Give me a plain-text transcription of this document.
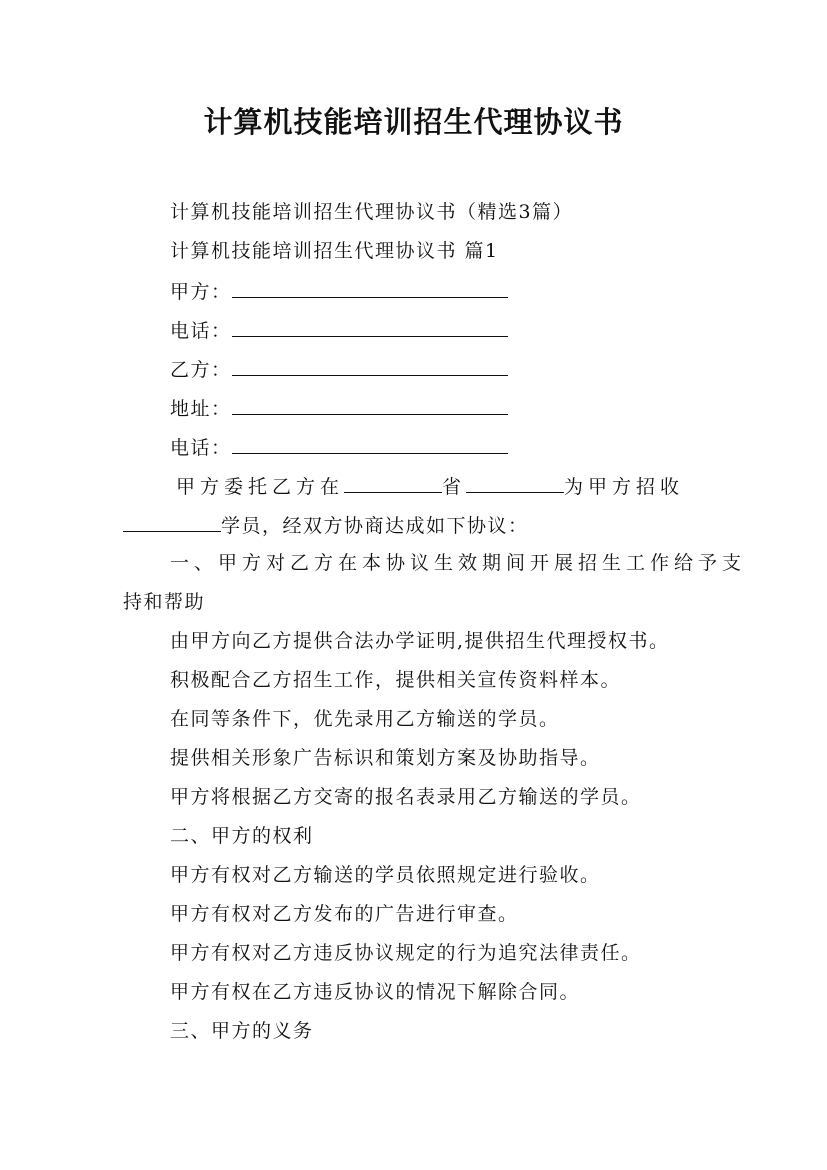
计算机技能培训招生代理协议书
计算机技能培训招生代理协议书（精选3篇）
计算机技能培训招生代理协议书 篇1
甲方：
电话：
乙方：
地址：
电话：
甲方委托乙方在	省	为甲方招收
学员，经双方协商达成如下协议：
一、甲方对乙方在本协议生效期间开展招生工作给予支
持和帮助
由甲方向乙方提供合法办学证明,提供招生代理授权书。
积极配合乙方招生工作，提供相关宣传资料样本。
在同等条件下，优先录用乙方输送的学员。
提供相关形象广告标识和策划方案及协助指导。
甲方将根据乙方交寄的报名表录用乙方输送的学员。
二、甲方的权利
甲方有权对乙方输送的学员依照规定进行验收。
甲方有权对乙方发布的广告进行审查。
甲方有权对乙方违反协议规定的行为追究法律责任。
甲方有权在乙方违反协议的情况下解除合同。
三、甲方的义务
